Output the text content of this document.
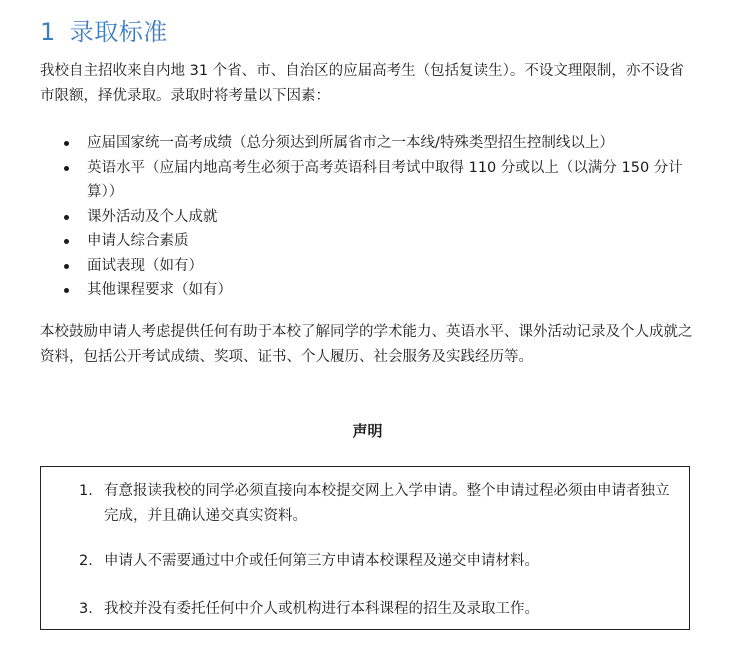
1 录取标准

我校自主招收来自内地 31 个省、市、自治区的应届高考生（包括复读生）。不设文理限制，亦不设省市限额，择优录取。录取时将考量以下因素：

应届国家统一高考成绩（总分须达到所属省市之一本线/特殊类型招生控制线以上）
英语水平（应届内地高考生必须于高考英语科目考试中取得 110 分或以上（以满分 150 分计算））
课外活动及个人成就
申请人综合素质
面试表现（如有）
其他课程要求（如有）

本校鼓励申请人考虑提供任何有助于本校了解同学的学术能力、英语水平、课外活动记录及个人成就之资料，包括公开考试成绩、奖项、证书、个人履历、社会服务及实践经历等。

声明
1. 有意报读我校的同学必须直接向本校提交网上入学申请。整个申请过程必须由申请者独立完成，并且确认递交真实资料。
2. 申请人不需要通过中介或任何第三方申请本校课程及递交申请材料。
3. 我校并没有委托任何中介人或机构进行本科课程的招生及录取工作。
